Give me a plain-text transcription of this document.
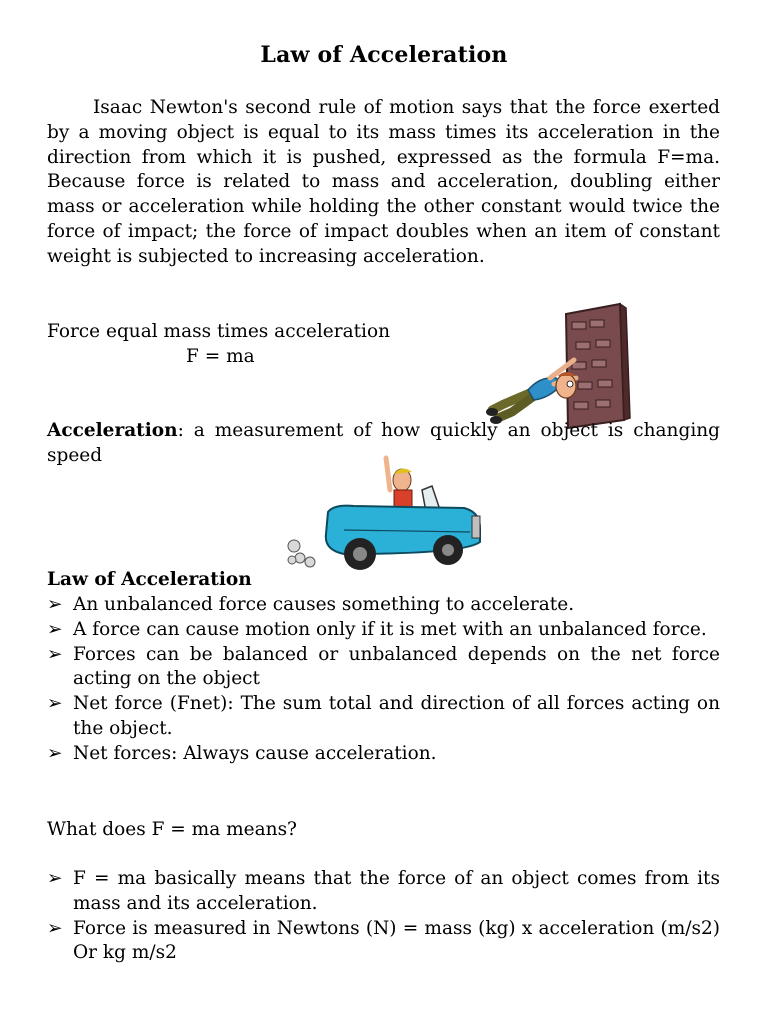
Law of Acceleration
Isaac Newton's second rule of motion says that the force exerted by a moving object is equal to its mass times its acceleration in the direction from which it is pushed, expressed as the formula F=ma. Because force is related to mass and acceleration, doubling either mass or acceleration while holding the other constant would twice the force of impact; the force of impact doubles when an item of constant weight is subjected to increasing acceleration.
Force equal mass times acceleration
F = ma
Acceleration: a measurement of how quickly an object is changing speed
Law of Acceleration
➢ An unbalanced force causes something to accelerate.
➢ A force can cause motion only if it is met with an unbalanced force.
➢ Forces can be balanced or unbalanced depends on the net force acting on the object
➢ Net force (Fnet): The sum total and direction of all forces acting on the object.
➢ Net forces: Always cause acceleration.
What does F = ma means?
➢ F = ma basically means that the force of an object comes from its mass and its acceleration.
➢ Force is measured in Newtons (N) = mass (kg) x acceleration (m/s2) Or kg m/s2
